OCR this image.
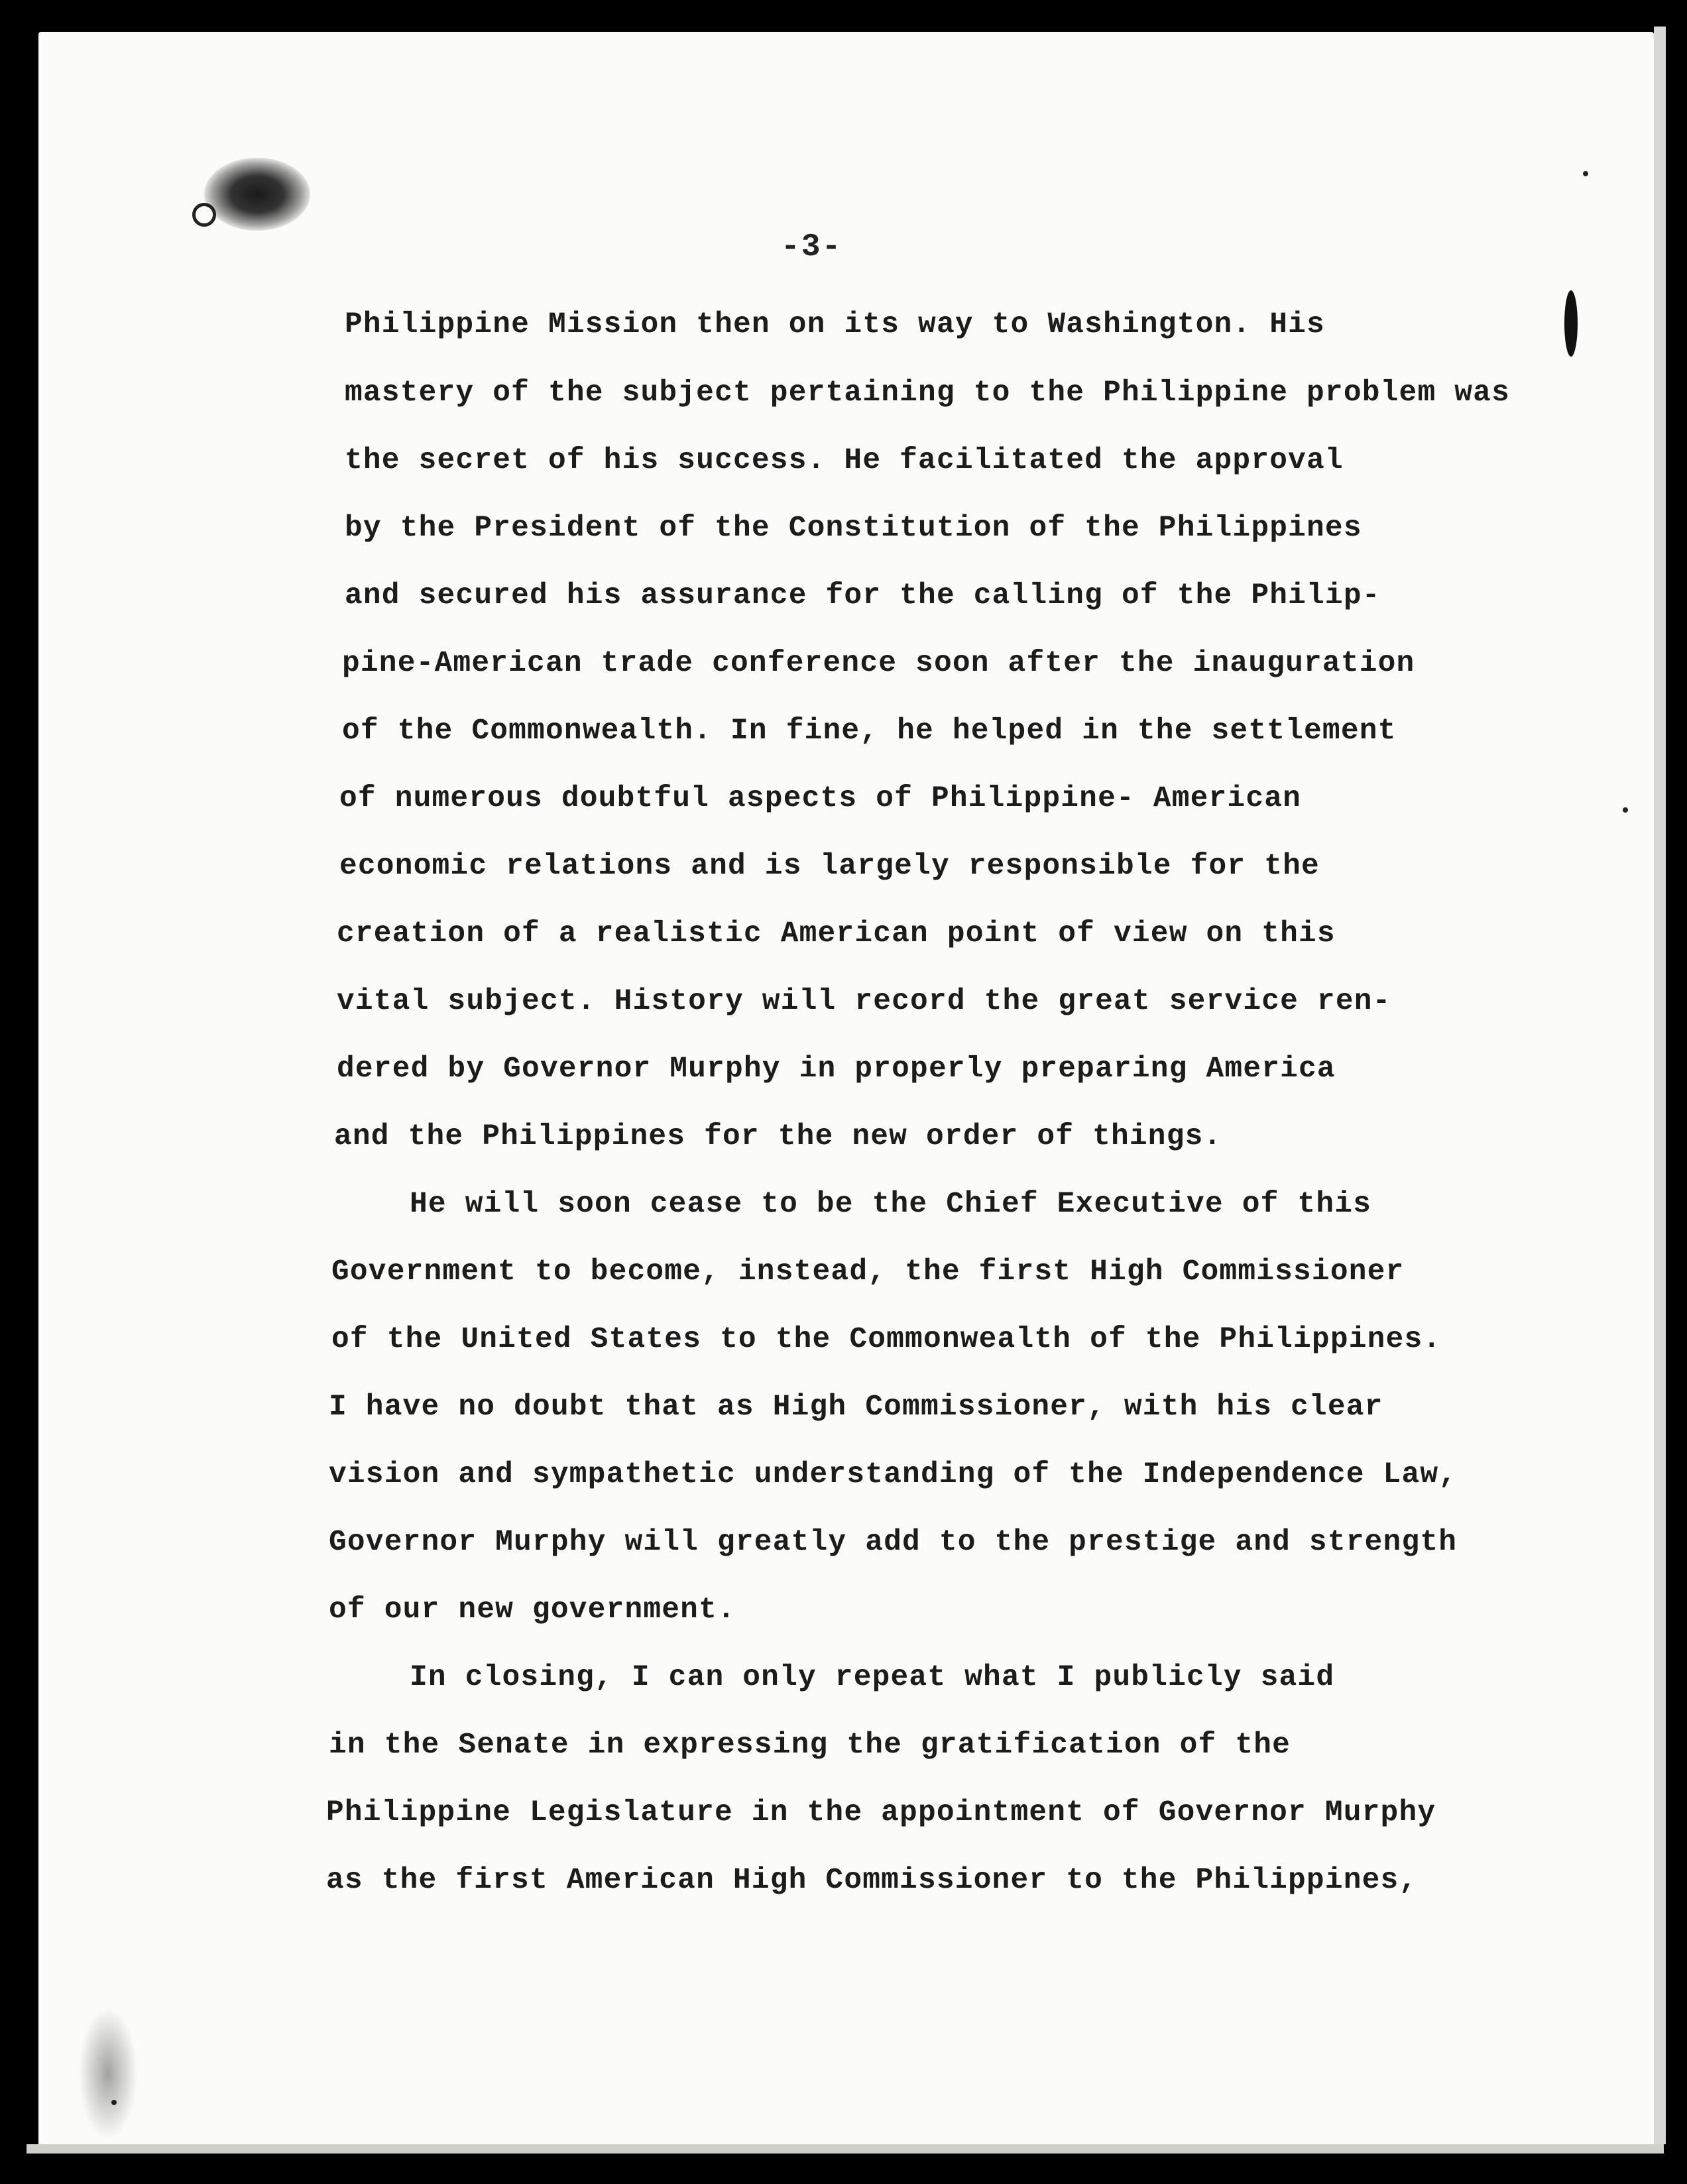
-3-
Philippine Mission then on its way to Washington. His
mastery of the subject pertaining to the Philippine problem was
the secret of his success. He facilitated the approval
by the President of the Constitution of the Philippines
and secured his assurance for the calling of the Philip-
pine-American trade conference soon after the inauguration
of the Commonwealth. In fine, he helped in the settlement
of numerous doubtful aspects of Philippine- American
economic relations and is largely responsible for the
creation of a realistic American point of view on this
vital subject. History will record the great service ren-
dered by Governor Murphy in properly preparing America
and the Philippines for the new order of things.
He will soon cease to be the Chief Executive of this
Government to become, instead, the first High Commissioner
of the United States to the Commonwealth of the Philippines.
I have no doubt that as High Commissioner, with his clear
vision and sympathetic understanding of the Independence Law,
Governor Murphy will greatly add to the prestige and strength
of our new government.
In closing, I can only repeat what I publicly said
in the Senate in expressing the gratification of the
Philippine Legislature in the appointment of Governor Murphy
as the first American High Commissioner to the Philippines,
